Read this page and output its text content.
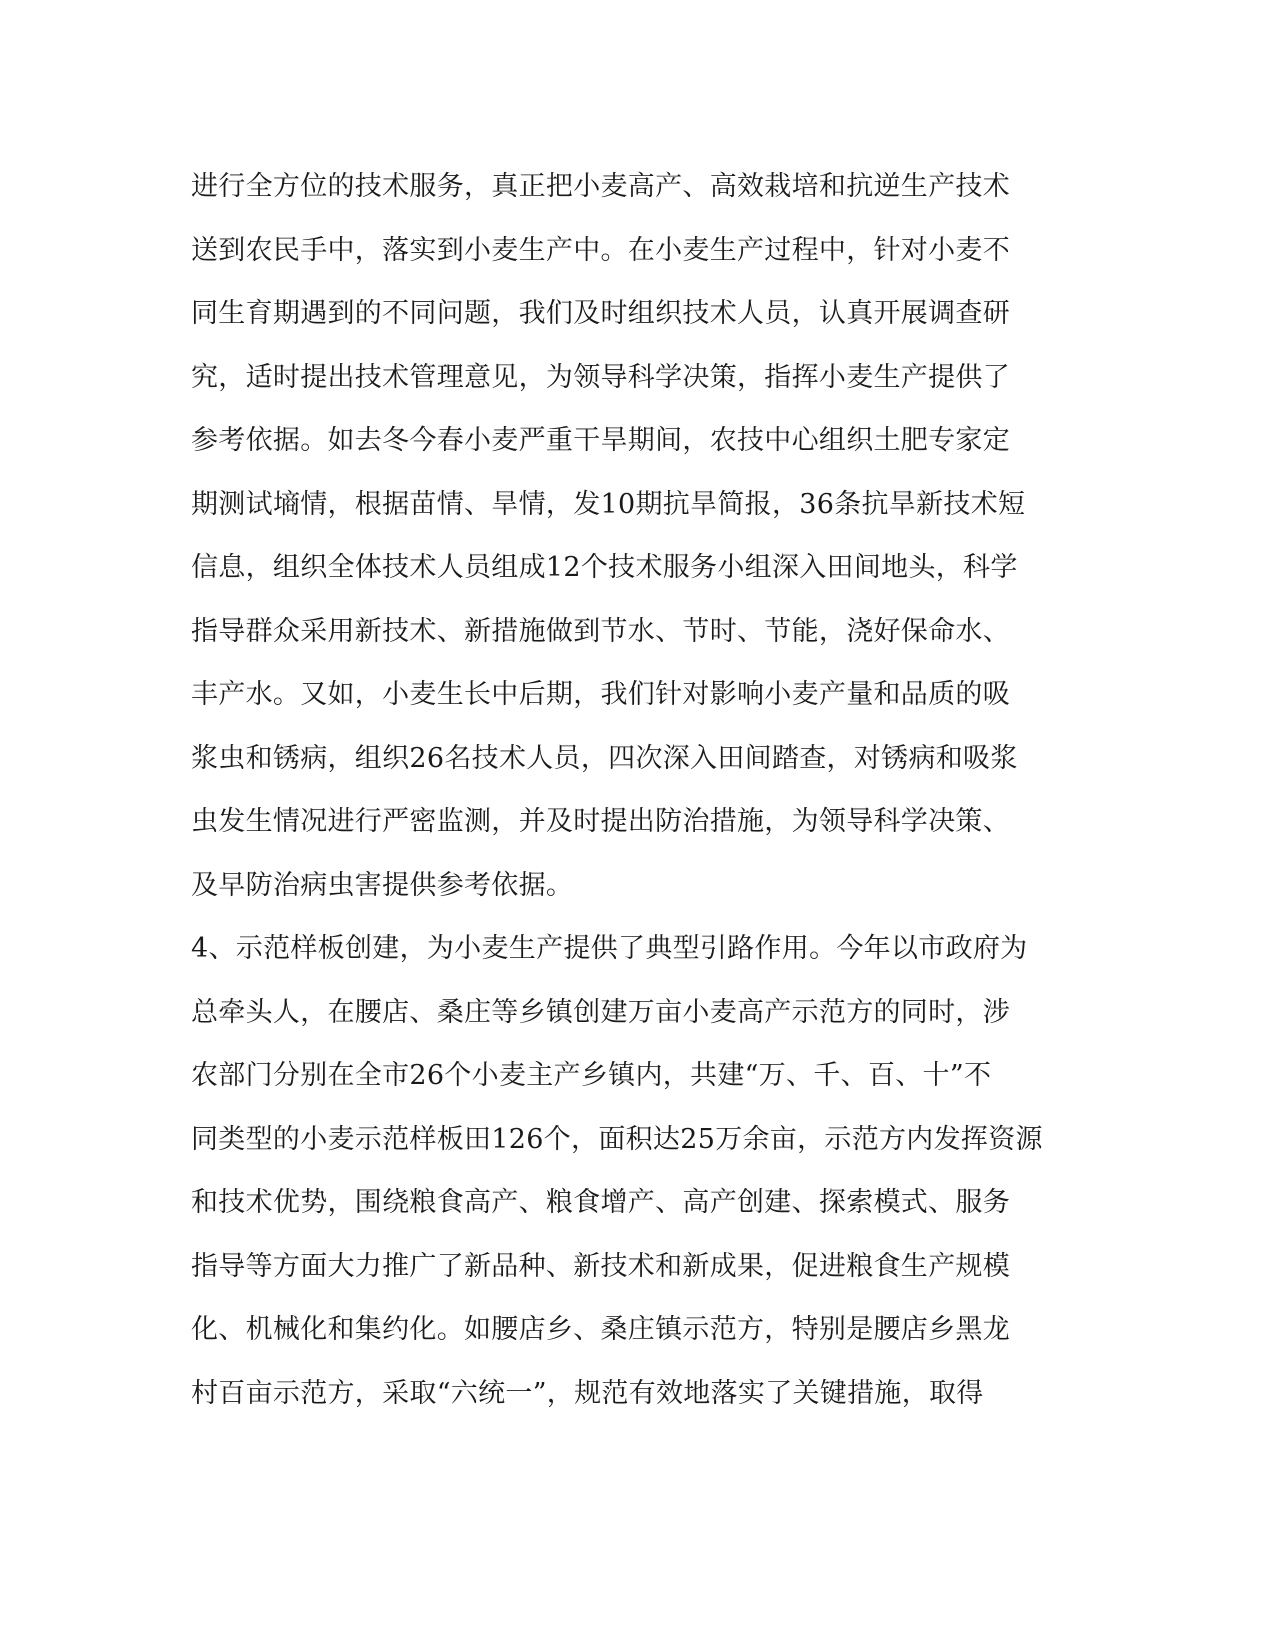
进行全方位的技术服务，真正把小麦高产、高效栽培和抗逆生产技术
送到农民手中，落实到小麦生产中。在小麦生产过程中，针对小麦不
同生育期遇到的不同问题，我们及时组织技术人员，认真开展调查研
究，适时提出技术管理意见，为领导科学决策，指挥小麦生产提供了
参考依据。如去冬今春小麦严重干旱期间，农技中心组织土肥专家定
期测试墒情，根据苗情、旱情，发10期抗旱简报，36条抗旱新技术短
信息，组织全体技术人员组成12个技术服务小组深入田间地头，科学
指导群众采用新技术、新措施做到节水、节时、节能，浇好保命水、
丰产水。又如，小麦生长中后期，我们针对影响小麦产量和品质的吸
浆虫和锈病，组织26名技术人员，四次深入田间踏查，对锈病和吸浆
虫发生情况进行严密监测，并及时提出防治措施，为领导科学决策、
及早防治病虫害提供参考依据。
4、示范样板创建，为小麦生产提供了典型引路作用。今年以市政府为
总牵头人，在腰店、桑庄等乡镇创建万亩小麦高产示范方的同时，涉
农部门分别在全市26个小麦主产乡镇内，共建“万、千、百、十”不
同类型的小麦示范样板田126个，面积达25万余亩，示范方内发挥资源
和技术优势，围绕粮食高产、粮食增产、高产创建、探索模式、服务
指导等方面大力推广了新品种、新技术和新成果，促进粮食生产规模
化、机械化和集约化。如腰店乡、桑庄镇示范方，特别是腰店乡黑龙
村百亩示范方，采取“六统一”，规范有效地落实了关键措施，取得
